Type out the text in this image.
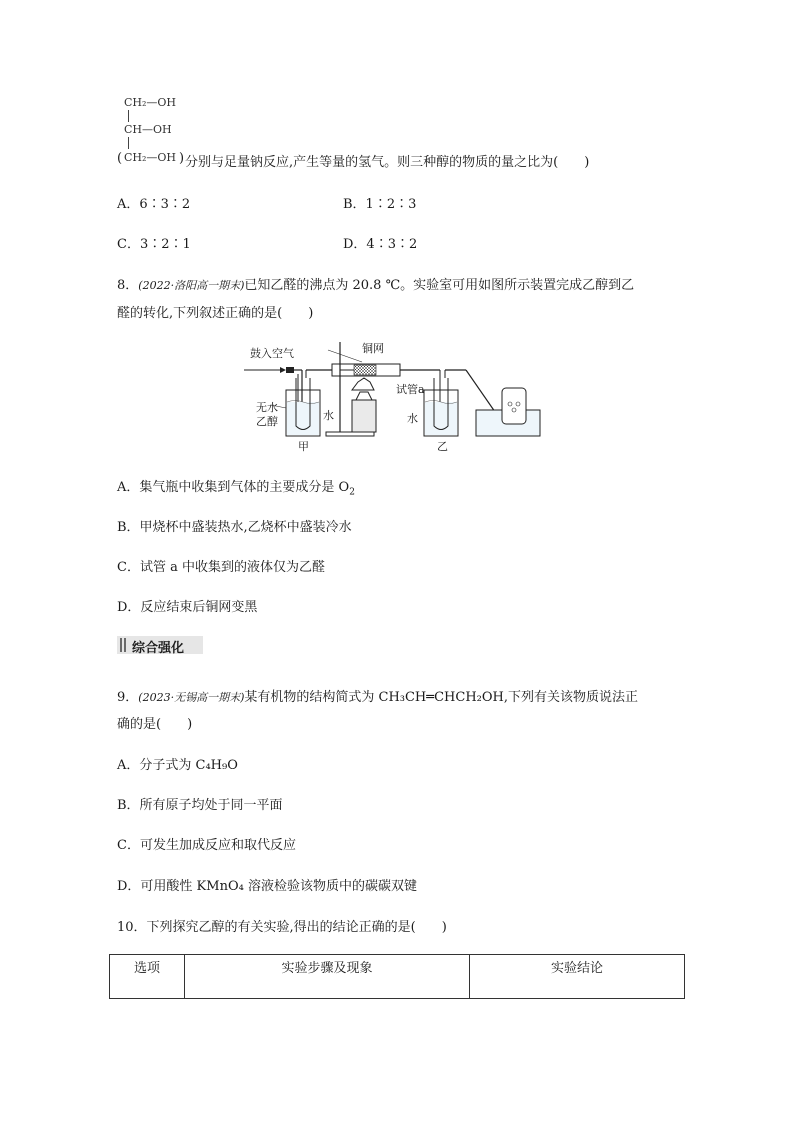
CH₂—OH
CH—OH
( CH₂—OH ) 分别与足量钠反应,产生等量的氢气。则三种醇的物质的量之比为(　　)
A．6∶3∶2	B．1∶2∶3
C．3∶2∶1	D．4∶3∶2
8．(2022·洛阳高一期末)已知乙醛的沸点为 20.8 ℃。实验室可用如图所示装置完成乙醇到乙
醛的转化,下列叙述正确的是(　　)
鼓入空气	铜网
试管a
无水
乙醇	水	水
甲	乙
A．集气瓶中收集到气体的主要成分是 $O_2$
B．甲烧杯中盛装热水,乙烧杯中盛装冷水
C．试管 a 中收集到的液体仅为乙醛
D．反应结束后铜网变黑
综合强化
9．(2023·无锡高一期末)某有机物的结构简式为 CH₃CH═CHCH₂OH,下列有关该物质说法正
确的是(　　)
A．分子式为 C₄H₉O
B．所有原子均处于同一平面
C．可发生加成反应和取代反应
D．可用酸性 KMnO₄ 溶液检验该物质中的碳碳双键
10．下列探究乙醇的有关实验,得出的结论正确的是(　　)
选项	实验步骤及现象	实验结论
